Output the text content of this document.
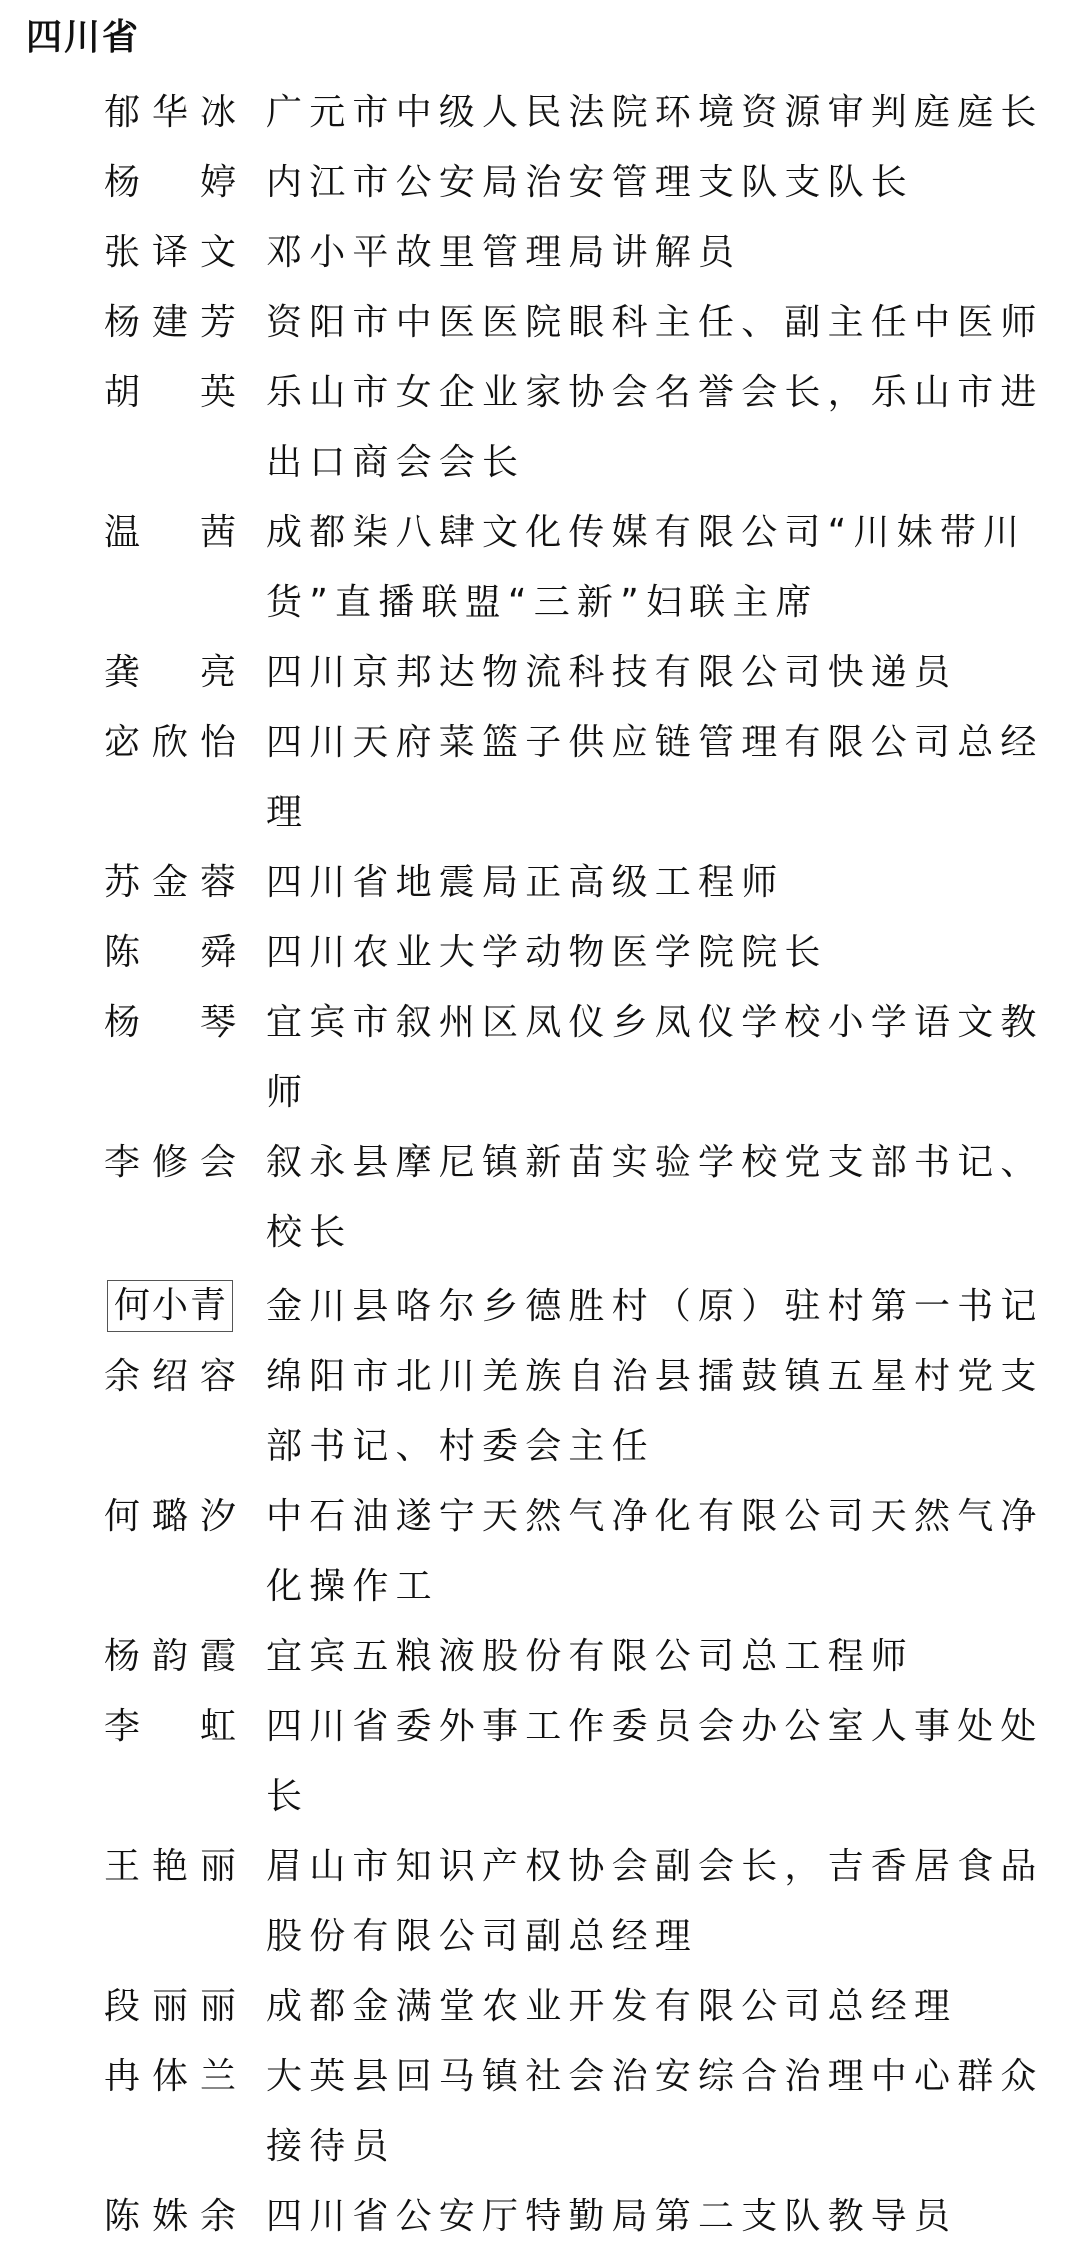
四川省
郁 华 冰 广元市中级人民法院环境资源审判庭庭长
杨
婷 内江市公安局治安管理支队支队长
张 译 文 邓小平故里管理局讲解员
杨 建 芳 资阳市中医医院眼科主任、副主任中医师
胡
英 乐山市女企业家协会名誉会长，乐山市进出口商会会长
温
茜 成都柒八肆文化传媒有限公司“川妹带川货”直播联盟“三新”妇联主席
龚
亮 四川京邦达物流科技有限公司快递员
宓 欣 怡 四川天府菜篮子供应链管理有限公司总经理
苏 金 蓉 四川省地震局正高级工程师
陈
舜 四川农业大学动物医学院院长
杨
琴 宜宾市叙州区凤仪乡凤仪学校小学语文教师
李 修 会 叙永县摩尼镇新苗实验学校党支部书记、校长
何 小 青 金川县咯尔乡德胜村（原）驻村第一书记
余 绍 容 绵阳市北川羌族自治县擂鼓镇五星村党支部书记、村委会主任
何 璐 汐 中石油遂宁天然气净化有限公司天然气净化操作工
杨 韵 霞 宜宾五粮液股份有限公司总工程师
李
虹 四川省委外事工作委员会办公室人事处处长
王 艳 丽 眉山市知识产权协会副会长，吉香居食品股份有限公司副总经理
段 丽 丽 成都金满堂农业开发有限公司总经理
冉 体 兰 大英县回马镇社会治安综合治理中心群众接待员
陈 姝 余 四川省公安厅特勤局第二支队教导员
